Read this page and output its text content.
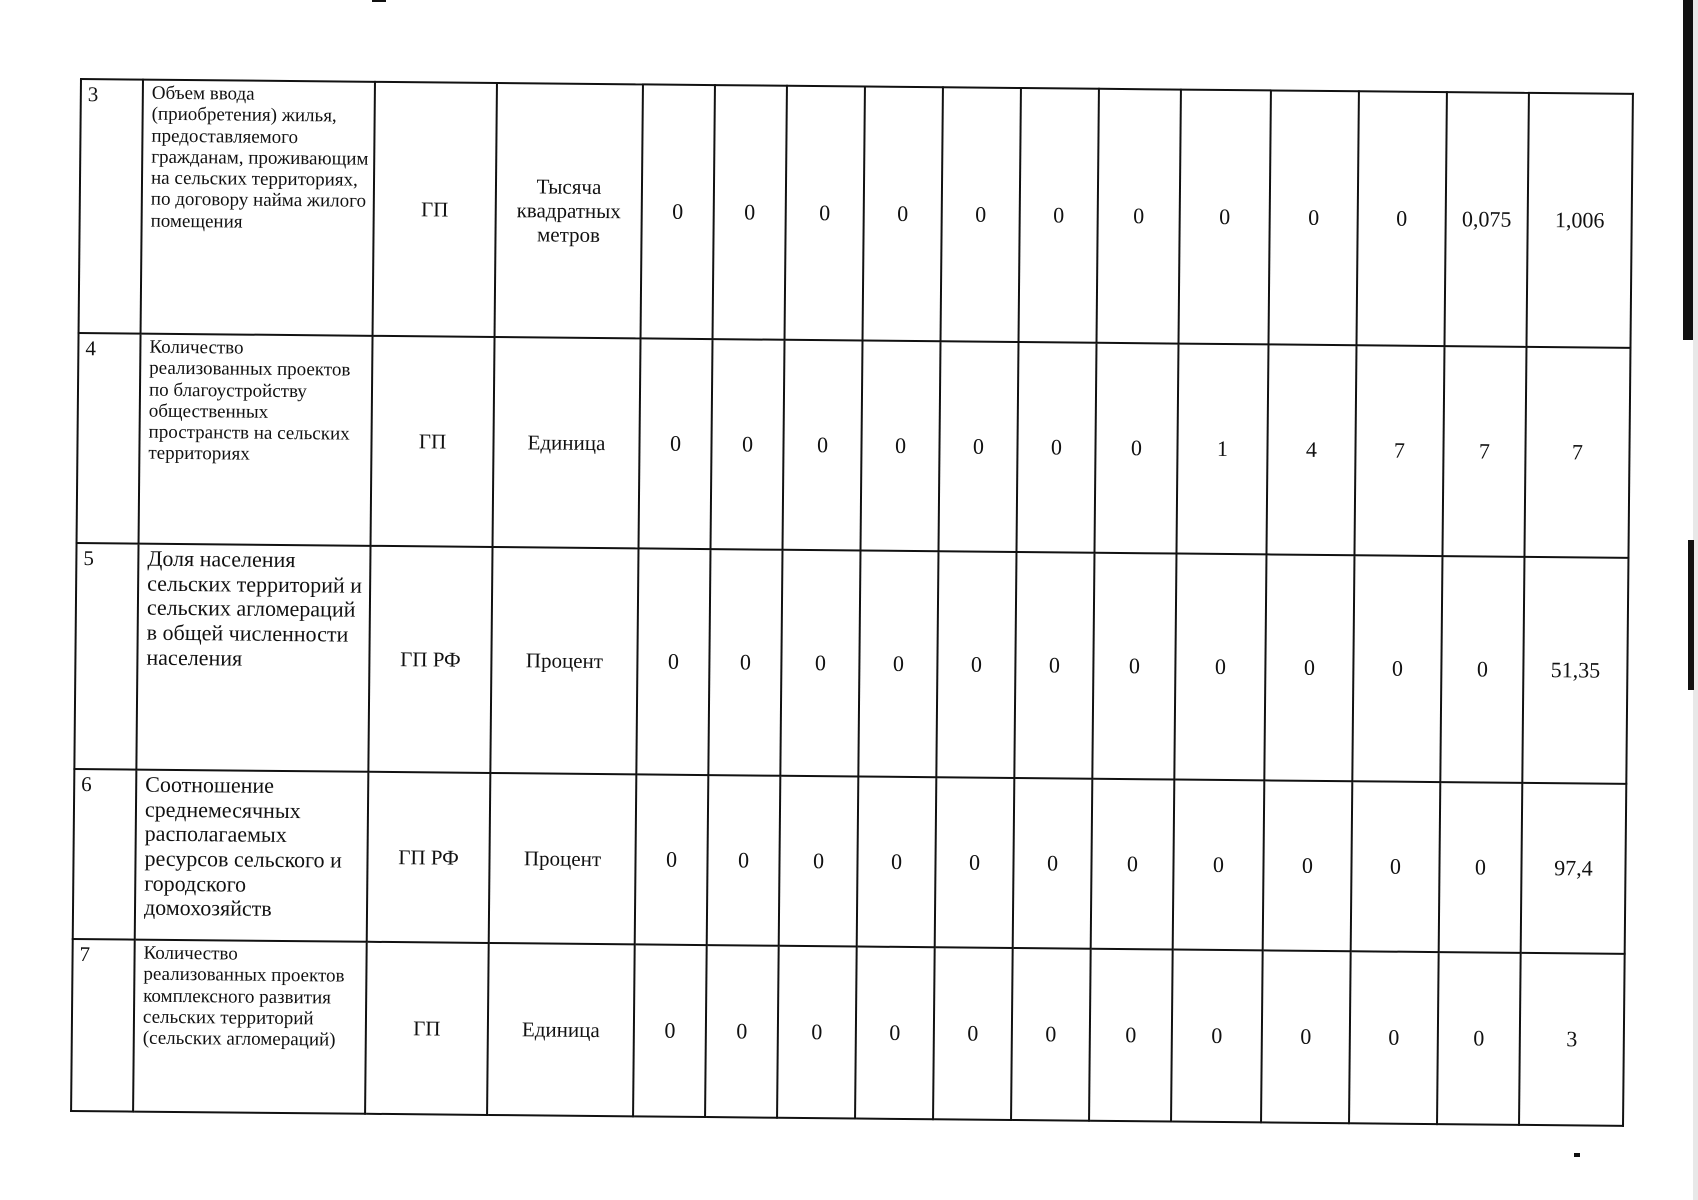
3	Объем ввода (приобретения) жилья, предоставляемого гражданам, проживающим на сельских территориях, по договору найма жилого помещения	ГП	Тысяча квадратных метров	0	0	0	0	0	0	0	0	0	0	0,075	1,006
4	Количество реализованных проектов по благоустройству общественных пространств на сельских территориях	ГП	Единица	0	0	0	0	0	0	0	1	4	7	7	7
5	Доля населения сельских территорий и сельских агломераций в общей численности населения	ГП РФ	Процент	0	0	0	0	0	0	0	0	0	0	0	51,35
6	Соотношение среднемесячных располагаемых ресурсов сельского и городского домохозяйств	ГП РФ	Процент	0	0	0	0	0	0	0	0	0	0	0	97,4
7	Количество реализованных проектов комплексного развития сельских территорий (сельских агломераций)	ГП	Единица	0	0	0	0	0	0	0	0	0	0	0	3
